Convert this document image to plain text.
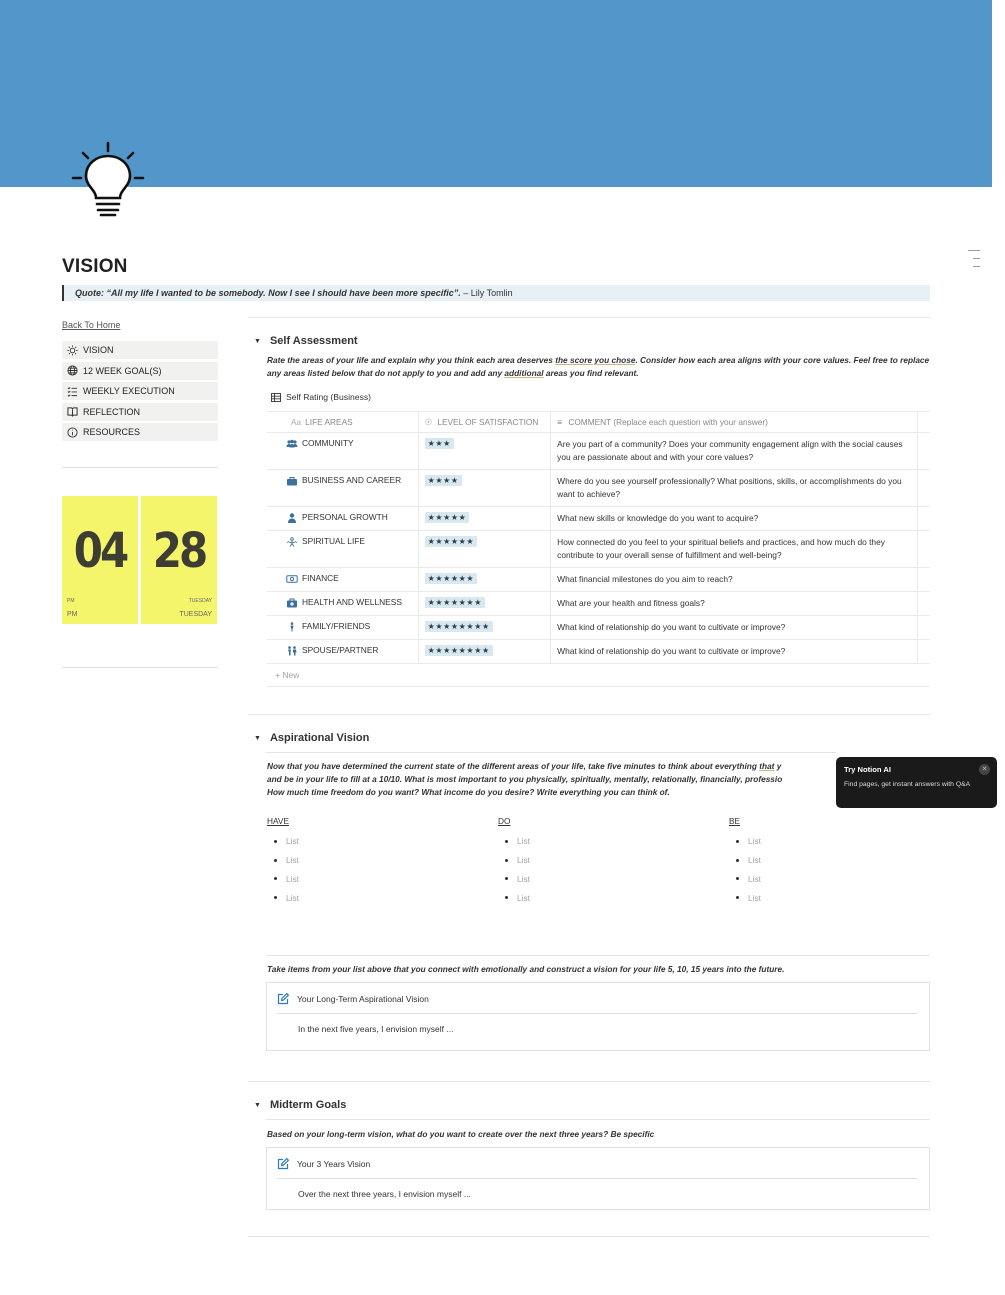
VISION
Quote: “All my life I wanted to be somebody. Now I see I should have been more specific”. – Lily Tomlin
Back To Home
VISION
12 WEEK GOAL(S)
WEEKLY EXECUTION
REFLECTION
RESOURCES
04
PM
PM
28
TUESDAY
TUESDAY
▼ Self Assessment
Rate the areas of your life and explain why you think each area deserves the score you chose. Consider how each area aligns with your core values. Feel free to replace any areas listed below that do not apply to you and add any additional areas you find relevant.
Self Rating (Business)
Aa LIFE AREAS	☉ LEVEL OF SATISFACTION	≡ COMMENT (Replace each question with your answer)
COMMUNITY	★★★	Are you part of a community? Does your community engagement align with the social causes you are passionate about and with your core values?
BUSINESS AND CAREER	★★★★	Where do you see yourself professionally? What positions, skills, or accomplishments do you want to achieve?
PERSONAL GROWTH	★★★★★	What new skills or knowledge do you want to acquire?
SPIRITUAL LIFE	★★★★★★	How connected do you feel to your spiritual beliefs and practices, and how much do they contribute to your overall sense of fulfillment and well-being?
FINANCE	★★★★★★	What financial milestones do you aim to reach?
HEALTH AND WELLNESS	★★★★★★★	What are your health and fitness goals?
FAMILY/FRIENDS	★★★★★★★★	What kind of relationship do you want to cultivate or improve?
SPOUSE/PARTNER	★★★★★★★★	What kind of relationship do you want to cultivate or improve?
+ New
▼ Aspirational Vision
Now that you have determined the current state of the different areas of your life, take five minutes to think about everything that y
and be in your life to fill at a 10/10. What is most important to you physically, spiritually, mentally, relationally, financially, professio
How much time freedom do you want? What income do you desire? Write everything you can think of.
HAVE
List
List
List
List
DO
List
List
List
List
BE
List
List
List
List
Take items from your list above that you connect with emotionally and construct a vision for your life 5, 10, 15 years into the future.
Your Long-Term Aspirational Vision
In the next five years, I envision myself ...
▼ Midterm Goals
Based on your long-term vision, what do you want to create over the next three years? Be specific
Your 3 Years Vision
Over the next three years, I envision myself ...
Try Notion AI
Find pages, get instant answers with Q&A
✕
